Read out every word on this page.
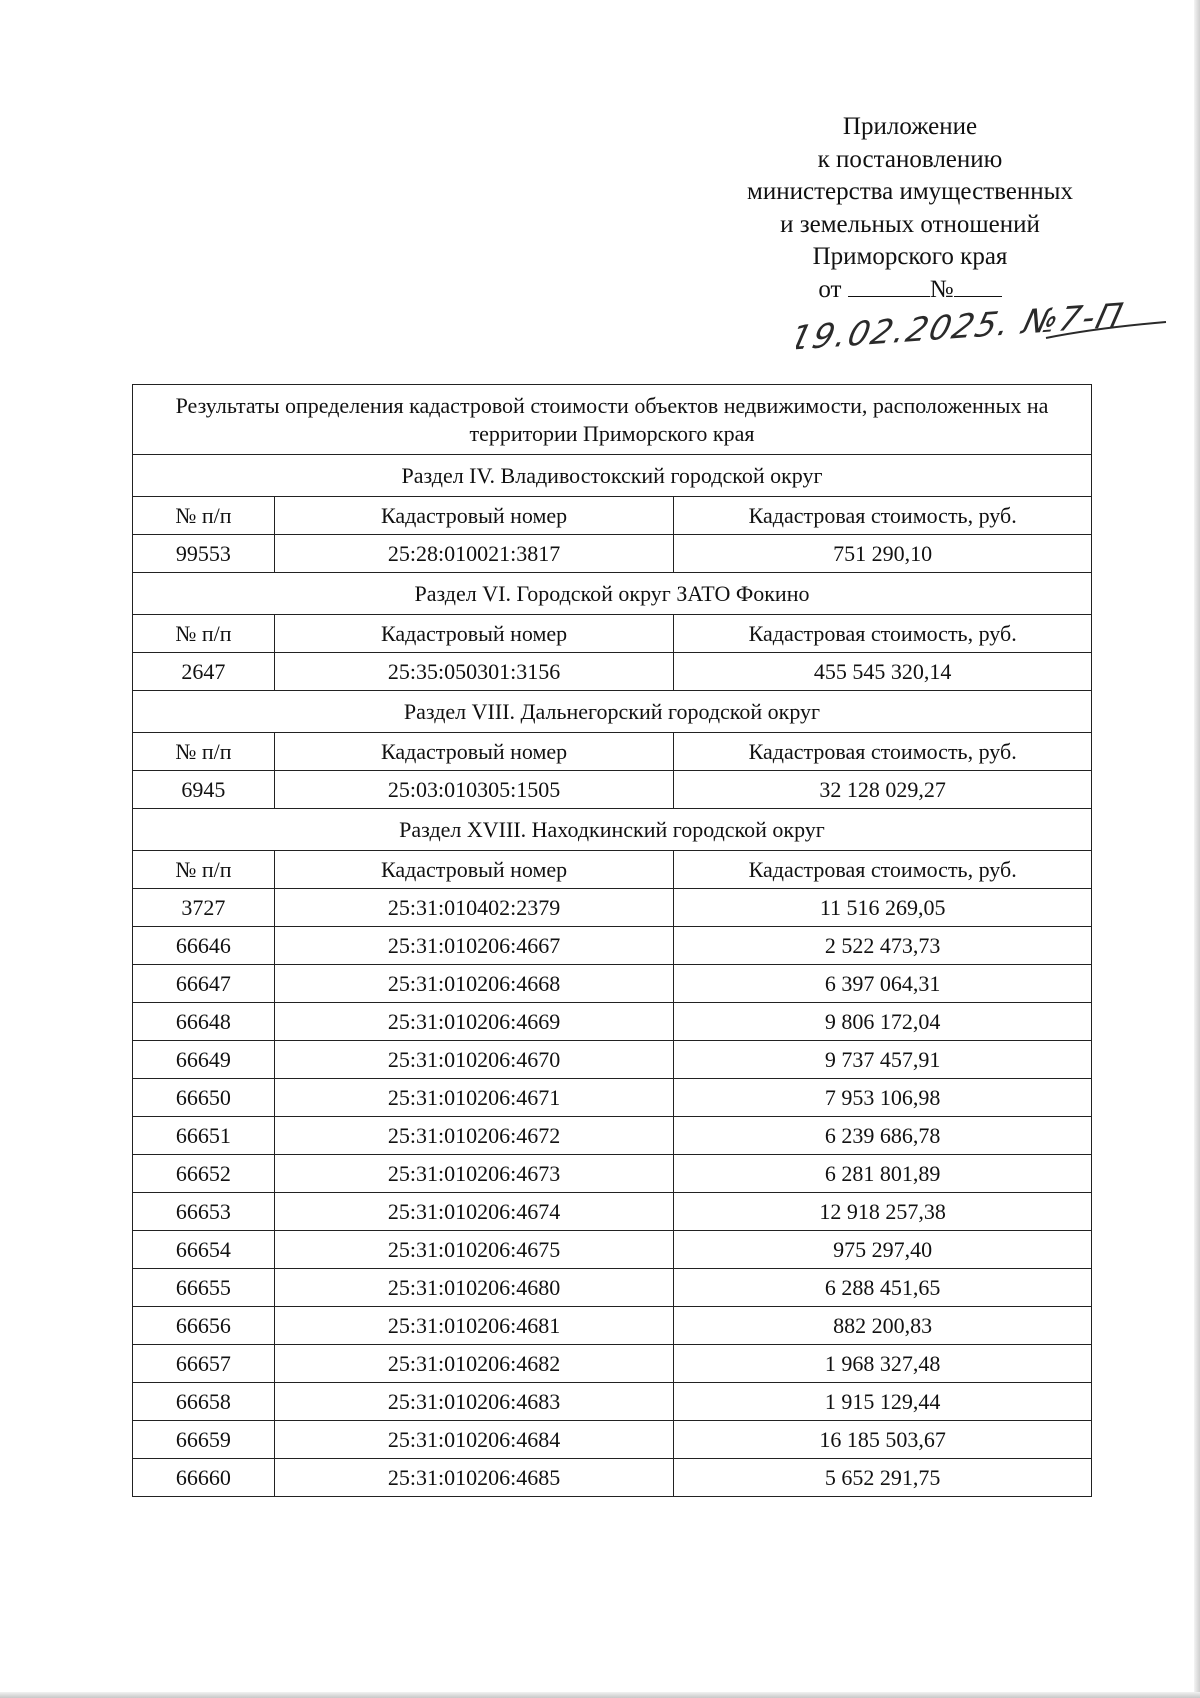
Приложение
к постановлению
министерства имущественных
и земельных отношений
Приморского края
от	№
19.02.2025. №7-П
Результаты определения кадастровой стоимости объектов недвижимости, расположенных на территории Приморского края		
Раздел IV. Владивостокский городской округ		
№ п/п	Кадастровый номер	Кадастровая стоимость, руб.
99553	25:28:010021:3817	751 290,10
Раздел VI. Городской округ ЗАТО Фокино		
№ п/п	Кадастровый номер	Кадастровая стоимость, руб.
2647	25:35:050301:3156	455 545 320,14
Раздел VIII. Дальнегорский городской округ		
№ п/п	Кадастровый номер	Кадастровая стоимость, руб.
6945	25:03:010305:1505	32 128 029,27
Раздел XVIII. Находкинский городской округ		
№ п/п	Кадастровый номер	Кадастровая стоимость, руб.
3727	25:31:010402:2379	11 516 269,05
66646	25:31:010206:4667	2 522 473,73
66647	25:31:010206:4668	6 397 064,31
66648	25:31:010206:4669	9 806 172,04
66649	25:31:010206:4670	9 737 457,91
66650	25:31:010206:4671	7 953 106,98
66651	25:31:010206:4672	6 239 686,78
66652	25:31:010206:4673	6 281 801,89
66653	25:31:010206:4674	12 918 257,38
66654	25:31:010206:4675	975 297,40
66655	25:31:010206:4680	6 288 451,65
66656	25:31:010206:4681	882 200,83
66657	25:31:010206:4682	1 968 327,48
66658	25:31:010206:4683	1 915 129,44
66659	25:31:010206:4684	16 185 503,67
66660	25:31:010206:4685	5 652 291,75
